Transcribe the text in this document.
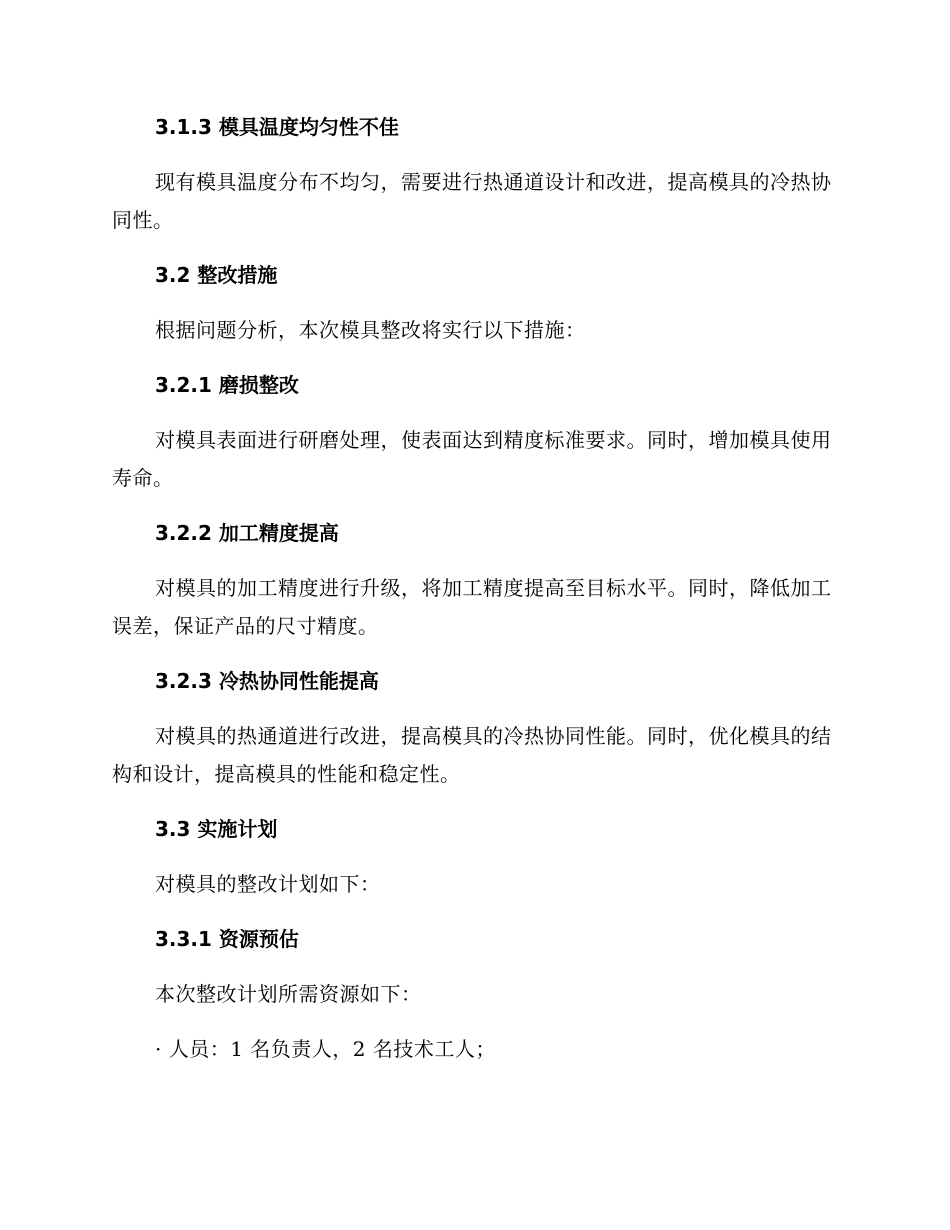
3.1.3 模具温度均匀性不佳
现有模具温度分布不均匀，需要进行热通道设计和改进，提高模具的冷热协同性。
3.2 整改措施
根据问题分析，本次模具整改将实行以下措施：
3.2.1 磨损整改
对模具表面进行研磨处理，使表面达到精度标准要求。同时，增加模具使用寿命。
3.2.2 加工精度提高
对模具的加工精度进行升级，将加工精度提高至目标水平。同时，降低加工误差，保证产品的尺寸精度。
3.2.3 冷热协同性能提高
对模具的热通道进行改进，提高模具的冷热协同性能。同时，优化模具的结构和设计，提高模具的性能和稳定性。
3.3 实施计划
对模具的整改计划如下：
3.3.1 资源预估
本次整改计划所需资源如下：
· 人员：1 名负责人，2 名技术工人；
